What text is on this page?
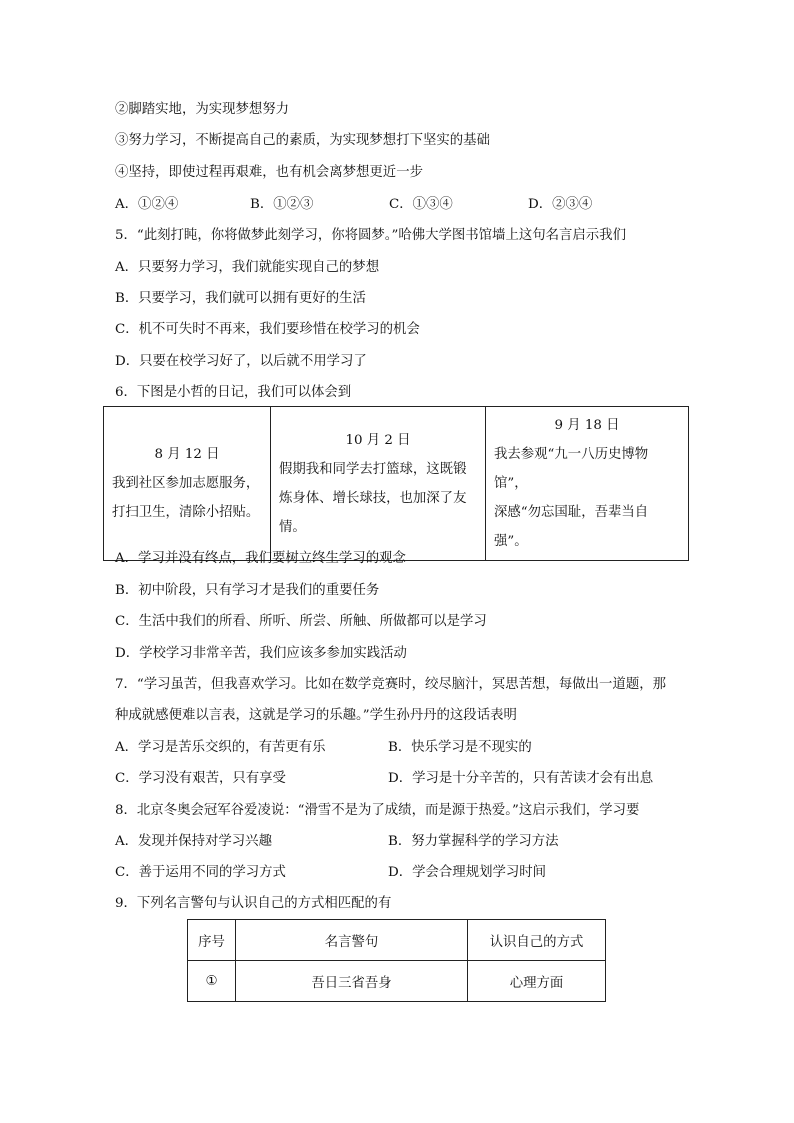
②脚踏实地，为实现梦想努力
③努力学习，不断提高自己的素质，为实现梦想打下坚实的基础
④坚持，即使过程再艰难，也有机会离梦想更近一步
A．①②④	B．①②③	C．①③④	D．②③④
5．“此刻打盹，你将做梦此刻学习，你将圆梦。”哈佛大学图书馆墙上这句名言启示我们
A．只要努力学习，我们就能实现自己的梦想
B．只要学习，我们就可以拥有更好的生活
C．机不可失时不再来，我们要珍惜在校学习的机会
D．只要在校学习好了，以后就不用学习了
6．下图是小哲的日记，我们可以体会到
8 月 12 日
我到社区参加志愿服务，
打扫卫生，清除小招贴。

10 月 2 日
假期我和同学去打篮球，这既锻
炼身体、增长球技，也加深了友
情。

9 月 18 日
我去参观“九一八历史博物馆”，
深感“勿忘国耻，吾辈当自强”。
A．学习并没有终点，我们要树立终生学习的观念
B．初中阶段，只有学习才是我们的重要任务
C．生活中我们的所看、所听、所尝、所触、所做都可以是学习
D．学校学习非常辛苦，我们应该多参加实践活动
7．“学习虽苦，但我喜欢学习。比如在数学竞赛时，绞尽脑汁，冥思苦想，每做出一道题，那
种成就感便难以言表，这就是学习的乐趣。”学生孙丹丹的这段话表明
A．学习是苦乐交织的，有苦更有乐	B．快乐学习是不现实的
C．学习没有艰苦，只有享受	D．学习是十分辛苦的，只有苦读才会有出息
8．北京冬奥会冠军谷爱凌说：“滑雪不是为了成绩，而是源于热爱。”这启示我们，学习要
A．发现并保持对学习兴趣	B．努力掌握科学的学习方法
C．善于运用不同的学习方式	D．学会合理规划学习时间
9．下列名言警句与认识自己的方式相匹配的有
序号	名言警句	认识自己的方式
①	吾日三省吾身	心理方面
